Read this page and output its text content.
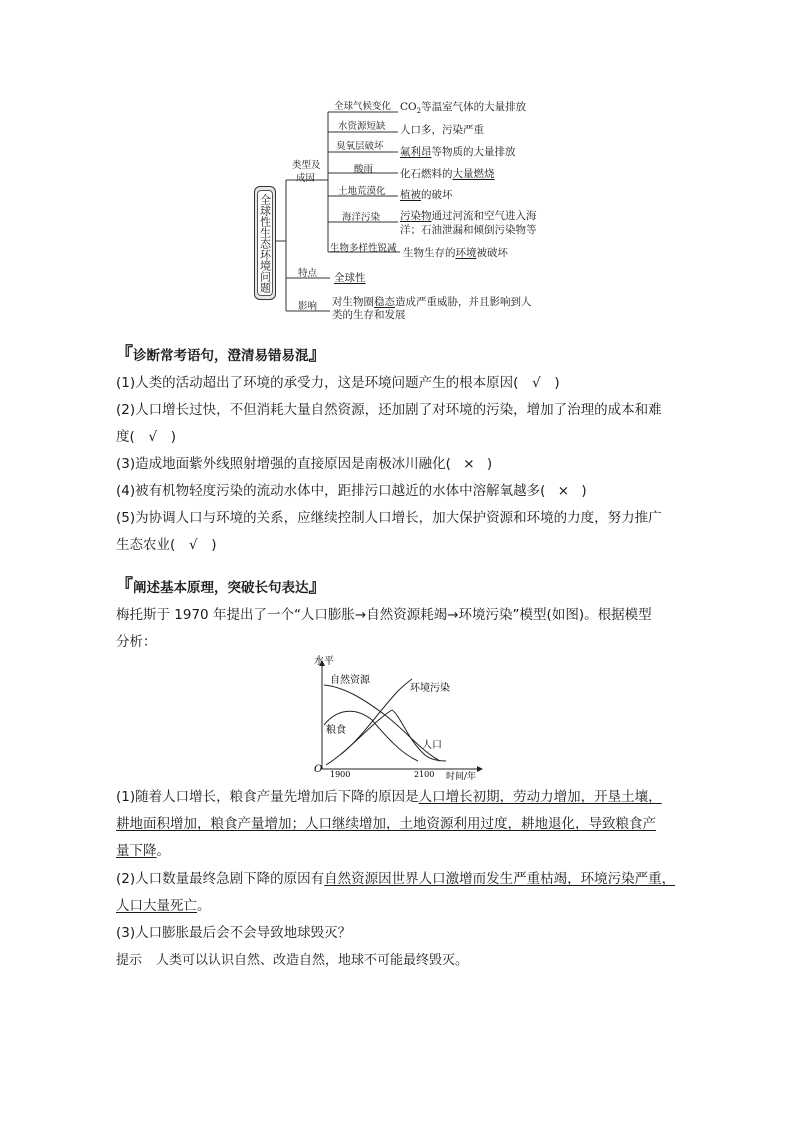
全球性生态环境问题
类型及
成因
特点
影响
全球气候变化 $CO_2$等温室气体的大量排放
水资源短缺 人口多，污染严重
臭氧层破坏 氟利昂等物质的大量排放
酸雨	化石燃料的大量燃烧
土地荒漠化 植被的破坏
海洋污染 污染物通过河流和空气进入海
洋；石油泄漏和倾倒污染物等
生物多样性锐减 生物生存的环境被破坏
全球性
对生物圈稳态造成严重威胁，并且影响到人
类的生存和发展
『诊断常考语句，澄清易错易混』
(1)人类的活动超出了环境的承受力，这是环境问题产生的根本原因( √ )
(2)人口增长过快，不但消耗大量自然资源，还加剧了对环境的污染，增加了治理的成本和难
度( √ )
(3)造成地面紫外线照射增强的直接原因是南极冰川融化( × )
(4)被有机物轻度污染的流动水体中，距排污口越近的水体中溶解氧越多( × )
(5)为协调人口与环境的关系，应继续控制人口增长，加大保护资源和环境的力度，努力推广
生态农业( √ )
『阐述基本原理，突破长句表达』
梅托斯于 1970 年提出了一个“人口膨胀→自然资源耗竭→环境污染”模型(如图)。根据模型
分析：
水平
自然资源
环境污染
粮食
人口
O 1900	2100 时间/年
(1)随着人口增长，粮食产量先增加后下降的原因是人口增长初期，劳动力增加，开垦土壤，
耕地面积增加，粮食产量增加；人口继续增加，土地资源利用过度，耕地退化，导致粮食产
量下降。
(2)人口数量最终急剧下降的原因有自然资源因世界人口激增而发生严重枯竭，环境污染严重，
人口大量死亡。
(3)人口膨胀最后会不会导致地球毁灭？
提示 人类可以认识自然、改造自然，地球不可能最终毁灭。
